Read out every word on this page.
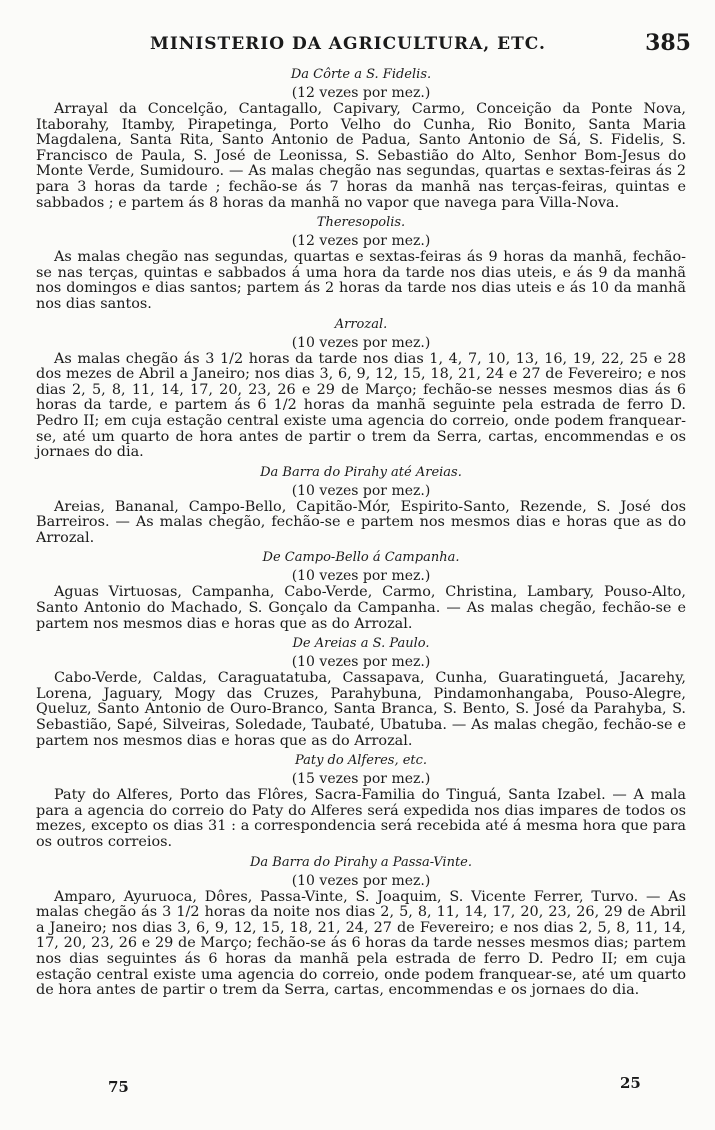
MINISTERIO DA AGRICULTURA, ETC.	385
Da Côrte a S. Fidelis.
(12 vezes por mez.)

Arrayal da Concelção, Cantagallo, Capivary, Carmo, Conceição da Ponte Nova, Itaborahy, Itamby, Pirapetinga, Porto Velho do Cunha, Rio Bonito, Santa Maria Magdalena, Santa Rita, Santo Antonio de Padua, Santo Antonio de Sá, S. Fidelis, S. Francisco de Paula, S. José de Leonissa, S. Sebastião do Alto, Senhor Bom-Jesus do Monte Verde, Sumidouro. — As malas chegão nas segundas, quartas e sextas-feiras ás 2 para 3 horas da tarde ; fechão-se ás 7 horas da manhã nas terças-feiras, quintas e sabbados ; e partem ás 8 horas da manhã no vapor que navega para Villa-Nova.

Theresopolis.
(12 vezes por mez.)

As malas chegão nas segundas, quartas e sextas-feiras ás 9 horas da manhã, fechão-se nas terças, quintas e sabbados á uma hora da tarde nos dias uteis, e ás 9 da manhã nos domingos e dias santos; partem ás 2 horas da tarde nos dias uteis e ás 10 da manhã nos dias santos.

Arrozal.
(10 vezes por mez.)

As malas chegão ás 3 1/2 horas da tarde nos dias 1, 4, 7, 10, 13, 16, 19, 22, 25 e 28 dos mezes de Abril a Janeiro; nos dias 3, 6, 9, 12, 15, 18, 21, 24 e 27 de Fevereiro; e nos dias 2, 5, 8, 11, 14, 17, 20, 23, 26 e 29 de Março; fechão-se nesses mesmos dias ás 6 horas da tarde, e partem ás 6 1/2 horas da manhã seguinte pela estrada de ferro D. Pedro II; em cuja estação central existe uma agencia do correio, onde podem franquear-se, até um quarto de hora antes de partir o trem da Serra, cartas, encommendas e os jornaes do dia.

Da Barra do Pirahy até Areias.
(10 vezes por mez.)

Areias, Bananal, Campo-Bello, Capitão-Mór, Espirito-Santo, Rezende, S. José dos Barreiros. — As malas chegão, fechão-se e partem nos mesmos dias e horas que as do Arrozal.

De Campo-Bello á Campanha.
(10 vezes por mez.)

Aguas Virtuosas, Campanha, Cabo-Verde, Carmo, Christina, Lambary, Pouso-Alto, Santo Antonio do Machado, S. Gonçalo da Campanha. — As malas chegão, fechão-se e partem nos mesmos dias e horas que as do Arrozal.

De Areias a S. Paulo.
(10 vezes por mez.)

Cabo-Verde, Caldas, Caraguatatuba, Cassapava, Cunha, Guaratinguetá, Jacarehy, Lorena, Jaguary, Mogy das Cruzes, Parahybuna, Pindamonhangaba, Pouso-Alegre, Queluz, Santo Antonio de Ouro-Branco, Santa Branca, S. Bento, S. José da Parahyba, S. Sebastião, Sapé, Silveiras, Soledade, Taubaté, Ubatuba. — As malas chegão, fechão-se e partem nos mesmos dias e horas que as do Arrozal.

Paty do Alferes, etc.
(15 vezes por mez.)

Paty do Alferes, Porto das Flôres, Sacra-Familia do Tinguá, Santa Izabel. — A mala para a agencia do correio do Paty do Alferes será expedida nos dias impares de todos os mezes, excepto os dias 31 : a correspondencia será recebida até á mesma hora que para os outros correios.

Da Barra do Pirahy a Passa-Vinte.
(10 vezes por mez.)

Amparo, Ayuruoca, Dôres, Passa-Vinte, S. Joaquim, S. Vicente Ferrer, Turvo. — As malas chegão ás 3 1/2 horas da noite nos dias 2, 5, 8, 11, 14, 17, 20, 23, 26, 29 de Abril a Janeiro; nos dias 3, 6, 9, 12, 15, 18, 21, 24, 27 de Fevereiro; e nos dias 2, 5, 8, 11, 14, 17, 20, 23, 26 e 29 de Março; fechão-se ás 6 horas da tarde nesses mesmos dias; partem nos dias seguintes ás 6 horas da manhã pela estrada de ferro D. Pedro II; em cuja estação central existe uma agencia do correio, onde podem franquear-se, até um quarto de hora antes de partir o trem da Serra, cartas, encommendas e os jornaes do dia.

75	25
